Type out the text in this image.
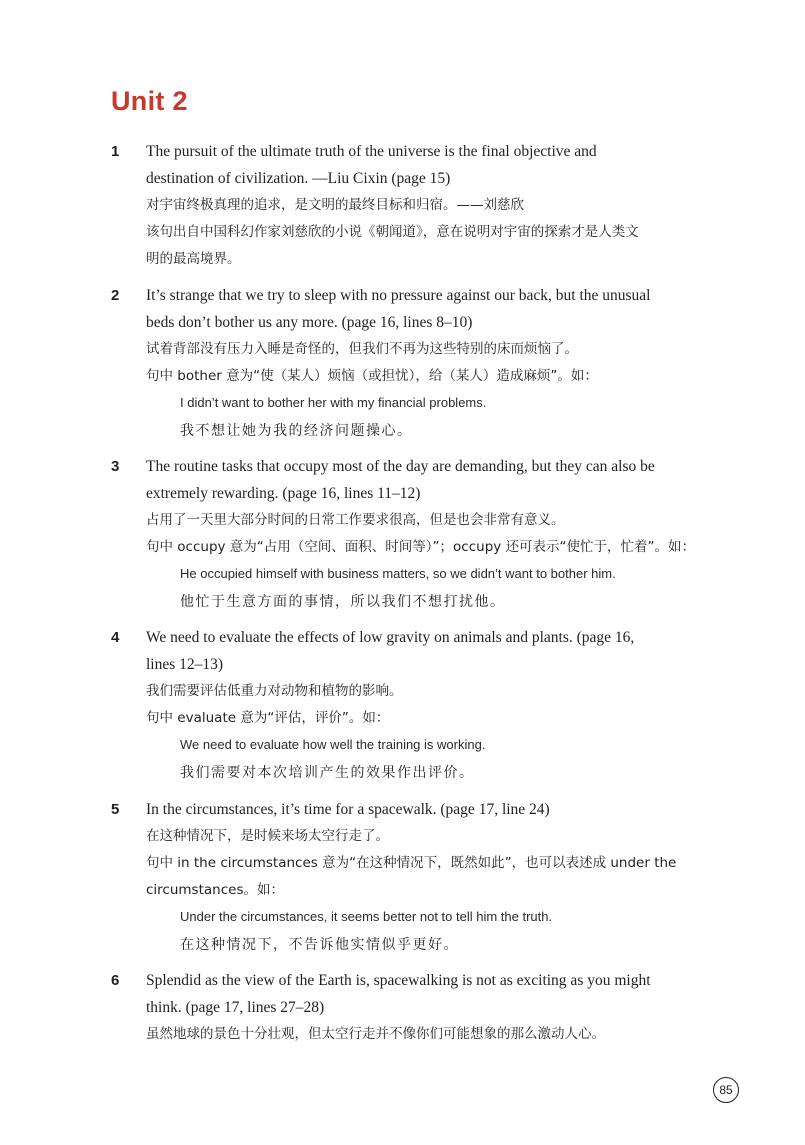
Unit 2
1 The pursuit of the ultimate truth of the universe is the final objective and
destination of civilization. —Liu Cixin (page 15)
对宇宙终极真理的追求，是文明的最终目标和归宿。——刘慈欣
该句出自中国科幻作家刘慈欣的小说《朝闻道》，意在说明对宇宙的探索才是人类文
明的最高境界。
2 It’s strange that we try to sleep with no pressure against our back, but the unusual
beds don’t bother us any more. (page 16, lines 8–10)
试着背部没有压力入睡是奇怪的，但我们不再为这些特别的床而烦恼了。
句中 bother 意为“使（某人）烦恼（或担忧），给（某人）造成麻烦”。如：
I didn’t want to bother her with my financial problems.
我不想让她为我的经济问题操心。
3 The routine tasks that occupy most of the day are demanding, but they can also be
extremely rewarding. (page 16, lines 11–12)
占用了一天里大部分时间的日常工作要求很高，但是也会非常有意义。
句中 occupy 意为“占用（空间、面积、时间等）”；occupy 还可表示“使忙于，忙着”。如：
He occupied himself with business matters, so we didn’t want to bother him.
他忙于生意方面的事情，所以我们不想打扰他。
4 We need to evaluate the effects of low gravity on animals and plants. (page 16,
lines 12–13)
我们需要评估低重力对动物和植物的影响。
句中 evaluate 意为“评估，评价”。如：
We need to evaluate how well the training is working.
我们需要对本次培训产生的效果作出评价。
5 In the circumstances, it’s time for a spacewalk. (page 17, line 24)
在这种情况下，是时候来场太空行走了。
句中 in the circumstances 意为“在这种情况下，既然如此”，也可以表述成 under the
circumstances。如：
Under the circumstances, it seems better not to tell him the truth.
在这种情况下，不告诉他实情似乎更好。
6 Splendid as the view of the Earth is, spacewalking is not as exciting as you might
think. (page 17, lines 27–28)
虽然地球的景色十分壮观，但太空行走并不像你们可能想象的那么激动人心。
85
